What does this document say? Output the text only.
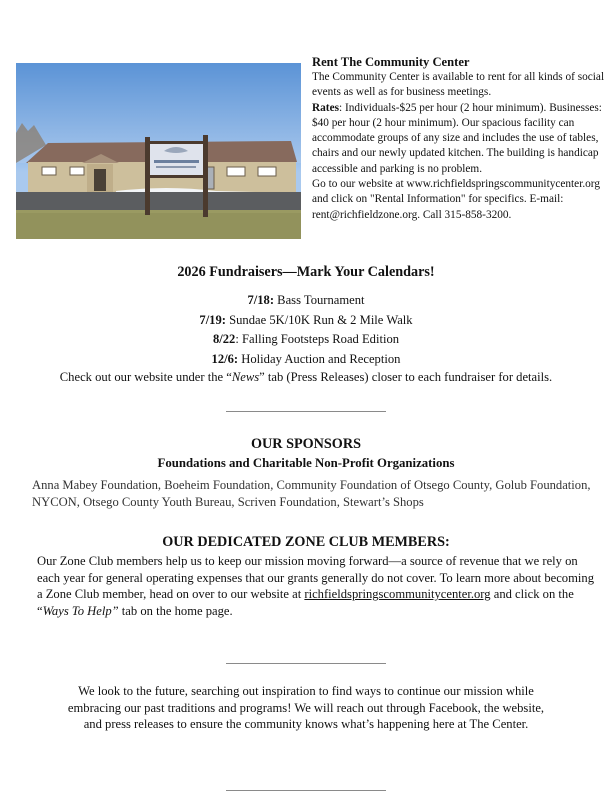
Rent The Community Center

The Community Center is available to rent for all kinds of social events as well as for business meetings.

Rates: Individuals-$25 per hour (2 hour minimum). Businesses: $40 per hour (2 hour minimum). Our spacious facility can accommodate groups of any size and includes the use of tables, chairs and our newly updated kitchen. The building is handicap accessible and parking is no problem.

Go to our website at www.richfieldspringscommunitycenter.org and click on "Rental Information" for specifics. E-mail: rent@richfieldzone.org. Call 315-858-3200.

2026 Fundraisers—Mark Your Calendars!
7/18: Bass Tournament
7/19: Sundae 5K/10K Run & 2 Mile Walk
8/22: Falling Footsteps Road Edition
12/6: Holiday Auction and Reception
Check out our website under the “News” tab (Press Releases) closer to each fundraiser for details.
OUR SPONSORS
Foundations and Charitable Non-Profit Organizations
Anna Mabey Foundation, Boeheim Foundation, Community Foundation of Otsego County, Golub Foundation, NYCON, Otsego County Youth Bureau, Scriven Foundation, Stewart’s Shops
OUR DEDICATED ZONE CLUB MEMBERS:
Our Zone Club members help us to keep our mission moving forward—a source of revenue that we rely on each year for general operating expenses that our grants generally do not cover. To learn more about becoming a Zone Club member, head on over to our website at richfieldspringscommunitycenter.org and click on the “Ways To Help” tab on the home page.
We look to the future, searching out inspiration to find ways to continue our mission while
embracing our past traditions and programs! We will reach out through Facebook, the website,
and press releases to ensure the community knows what’s happening here at The Center.
